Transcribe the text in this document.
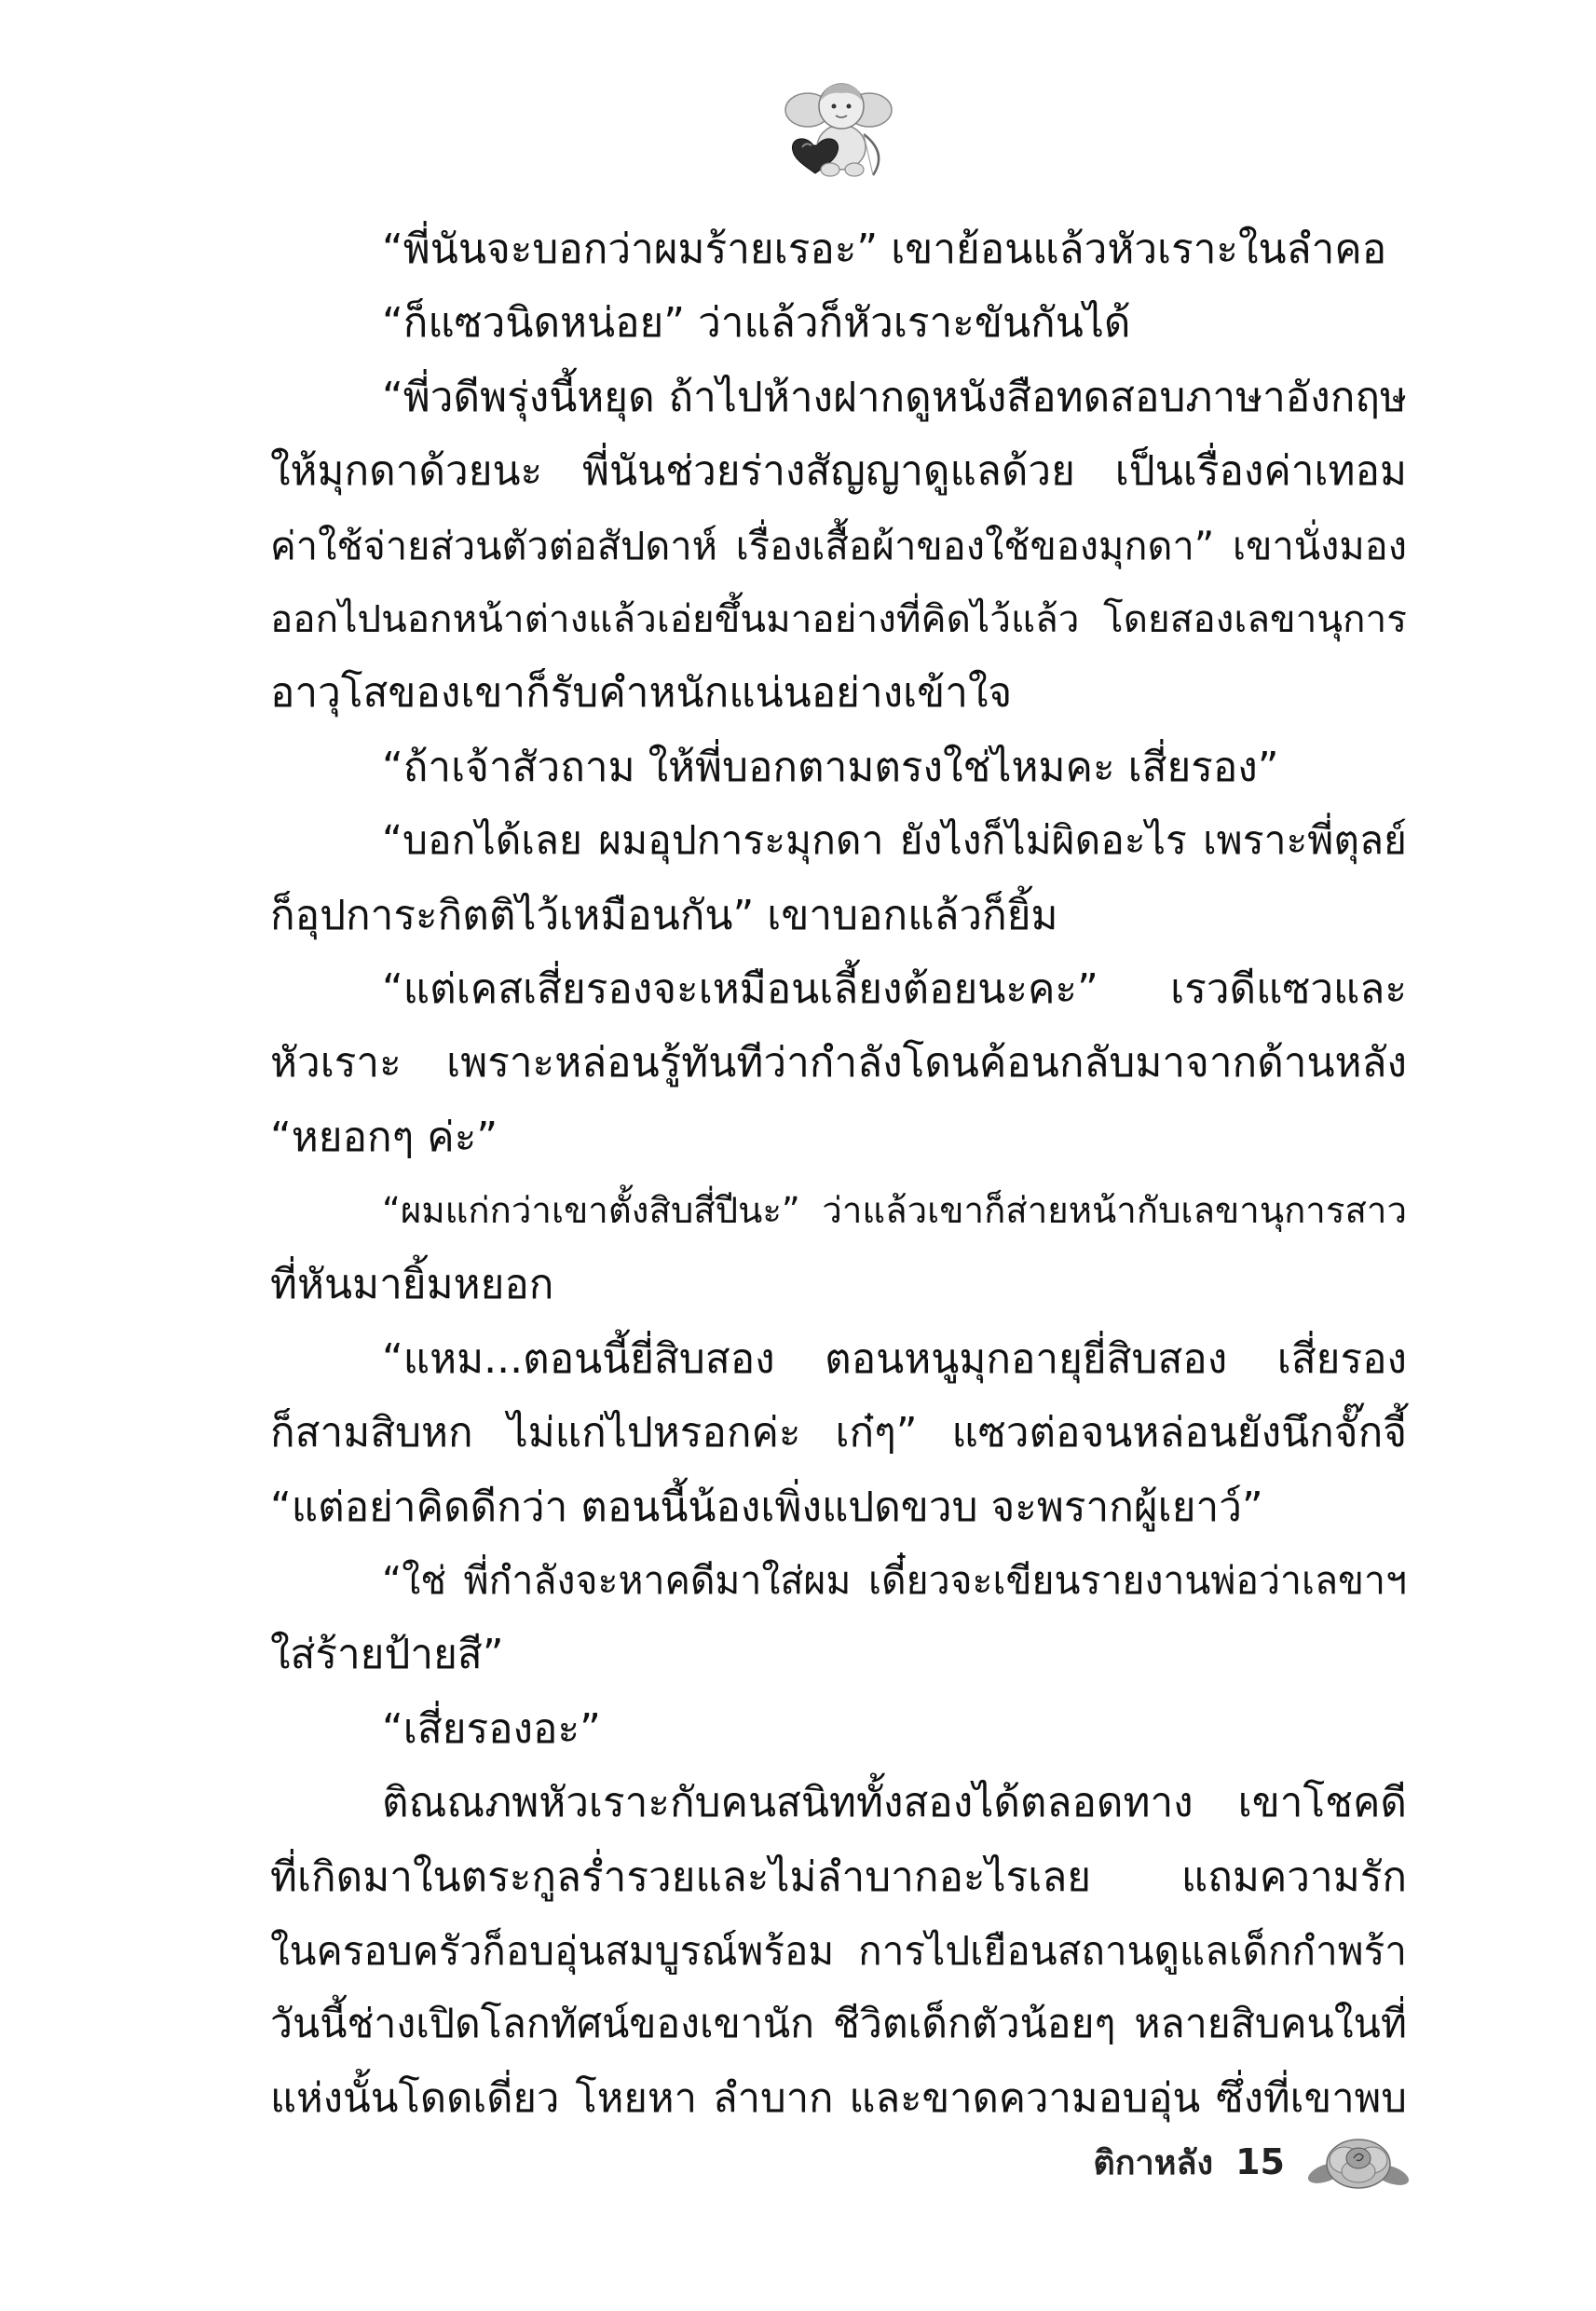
“พี่นันจะบอกว่าผมร้ายเรอะ” เขาย้อนแล้วหัวเราะในลำคอ
“ก็แซวนิดหน่อย” ว่าแล้วก็หัวเราะขันกันได้
“พี่วดีพรุ่งนี้หยุด ถ้าไปห้างฝากดูหนังสือทดสอบภาษาอังกฤษ
ให้มุกดาด้วยนะ พี่นันช่วยร่างสัญญาดูแลด้วย เป็นเรื่องค่าเทอม
ค่าใช้จ่ายส่วนตัวต่อสัปดาห์ เรื่องเสื้อผ้าของใช้ของมุกดา” เขานั่งมอง
ออกไปนอกหน้าต่างแล้วเอ่ยขึ้นมาอย่างที่คิดไว้แล้ว โดยสองเลขานุการ
อาวุโสของเขาก็รับคำหนักแน่นอย่างเข้าใจ
“ถ้าเจ้าสัวถาม ให้พี่บอกตามตรงใช่ไหมคะ เสี่ยรอง”
“บอกได้เลย ผมอุปการะมุกดา ยังไงก็ไม่ผิดอะไร เพราะพี่ตุลย์
ก็อุปการะกิตติไว้เหมือนกัน” เขาบอกแล้วก็ยิ้ม
“แต่เคสเสี่ยรองจะเหมือนเลี้ยงต้อยนะคะ” เรวดีแซวและ
หัวเราะ เพราะหล่อนรู้ทันทีว่ากำลังโดนค้อนกลับมาจากด้านหลัง
“หยอกๆ ค่ะ”
“ผมแก่กว่าเขาตั้งสิบสี่ปีนะ” ว่าแล้วเขาก็ส่ายหน้ากับเลขานุการสาว
ที่หันมายิ้มหยอก
“แหม...ตอนนี้ยี่สิบสอง ตอนหนูมุกอายุยี่สิบสอง เสี่ยรอง
ก็สามสิบหก ไม่แก่ไปหรอกค่ะ เก๋ๆ” แซวต่อจนหล่อนยังนึกจั๊กจี้
“แต่อย่าคิดดีกว่า ตอนนี้น้องเพิ่งแปดขวบ จะพรากผู้เยาว์”
“ใช่ พี่กำลังจะหาคดีมาใส่ผม เดี๋ยวจะเขียนรายงานพ่อว่าเลขาฯ
ใส่ร้ายป้ายสี”
“เสี่ยรองอะ”
ติณณภพหัวเราะกับคนสนิททั้งสองได้ตลอดทาง เขาโชคดี
ที่เกิดมาในตระกูลร่ำรวยและไม่ลำบากอะไรเลย แถมความรัก
ในครอบครัวก็อบอุ่นสมบูรณ์พร้อม การไปเยือนสถานดูแลเด็กกำพร้า
วันนี้ช่างเปิดโลกทัศน์ของเขานัก ชีวิตเด็กตัวน้อยๆ หลายสิบคนในที่
แห่งนั้นโดดเดี่ยว โหยหา ลำบาก และขาดความอบอุ่น ซึ่งที่เขาพบ
ติกาหลัง 15
